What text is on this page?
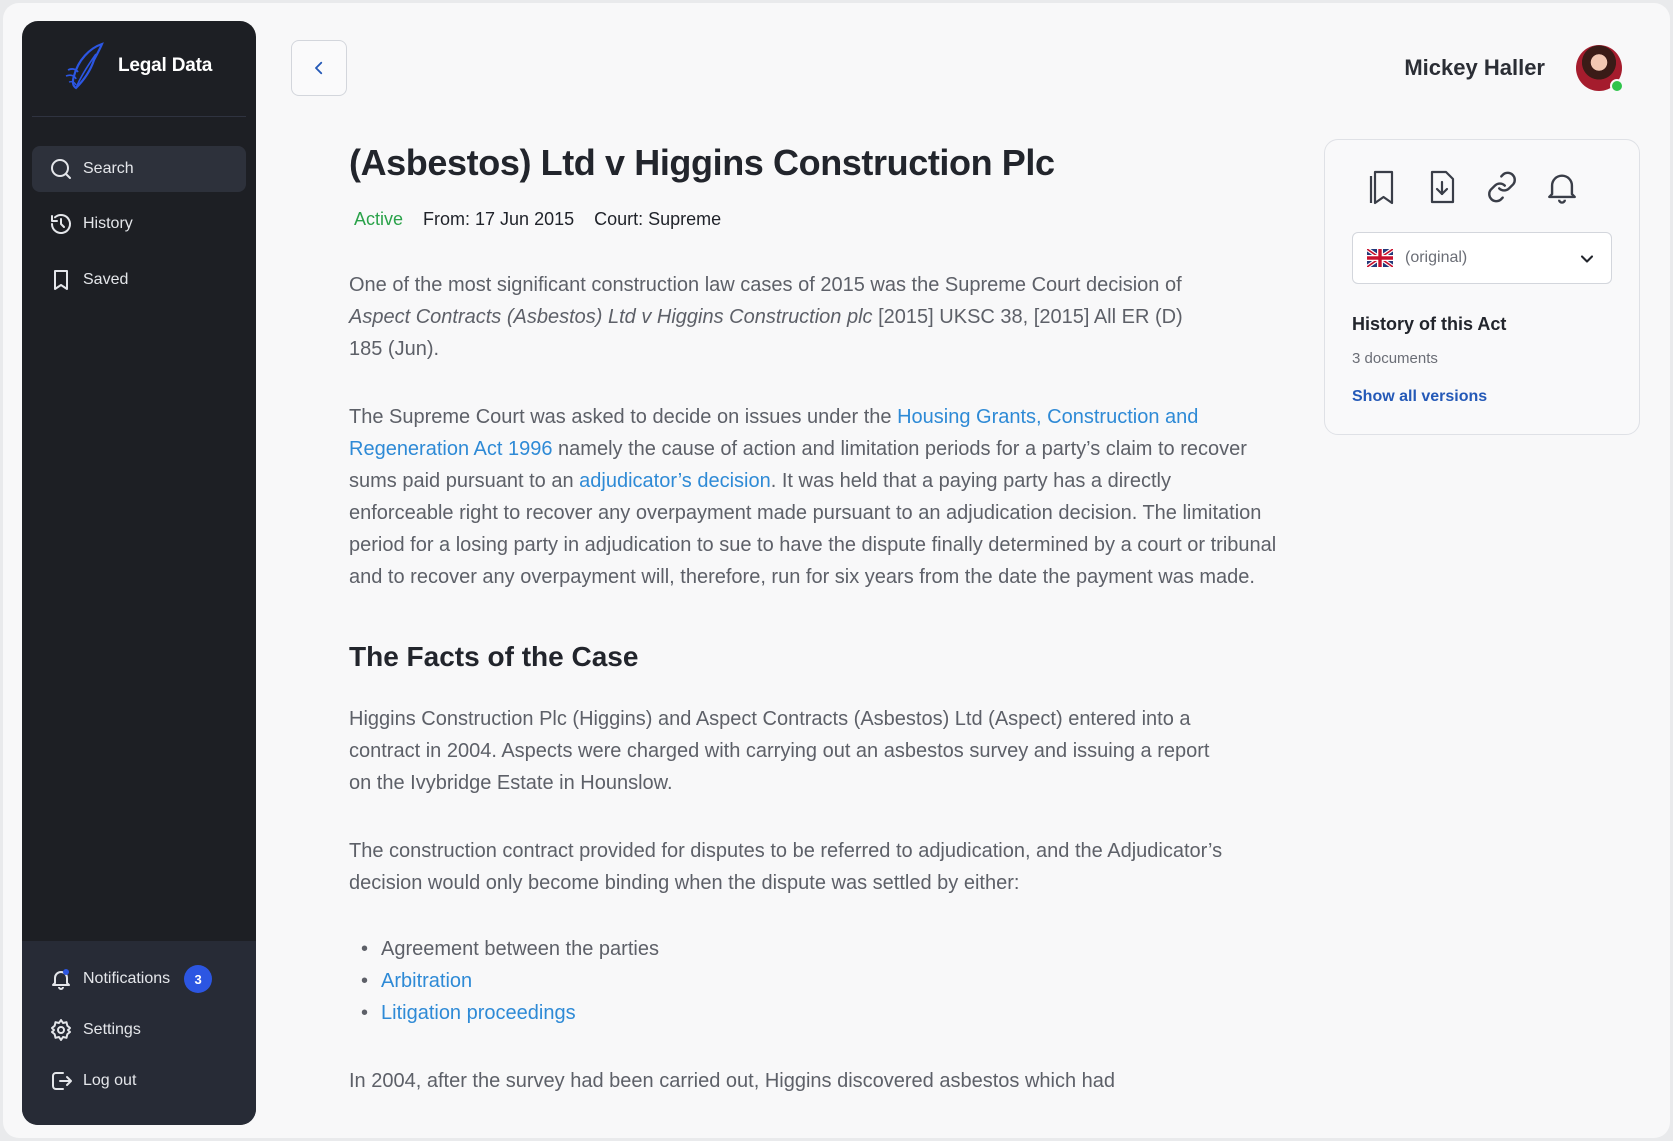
Legal Data
Search
History
Saved
Notifications	3
Settings
Log out
Mickey Haller
(Asbestos) Ltd v Higgins Construction Plc
Active From: 17 Jun 2015 Court: Supreme

One of the most significant construction law cases of 2015 was the Supreme Court decision of Aspect Contracts (Asbestos) Ltd v Higgins Construction plc [2015] UKSC 38, [2015] All ER (D) 185 (Jun).

The Supreme Court was asked to decide on issues under the Housing Grants, Construction and Regeneration Act 1996 namely the cause of action and limitation periods for a party’s claim to recover sums paid pursuant to an adjudicator’s decision. It was held that a paying party has a directly enforceable right to recover any overpayment made pursuant to an adjudication decision. The limitation period for a losing party in adjudication to sue to have the dispute finally determined by a court or tribunal and to recover any overpayment will, therefore, run for six years from the date the payment was made.

The Facts of the Case

Higgins Construction Plc (Higgins) and Aspect Contracts (Asbestos) Ltd (Aspect) entered into a contract in 2004. Aspects were charged with carrying out an asbestos survey and issuing a report on the Ivybridge Estate in Hounslow.

The construction contract provided for disputes to be referred to adjudication, and the Adjudicator’s decision would only become binding when the dispute was settled by either:

• Agreement between the parties
• Arbitration
• Litigation proceedings

In 2004, after the survey had been carried out, Higgins discovered asbestos which had

(original)
History of this Act
3 documents
Show all versions
